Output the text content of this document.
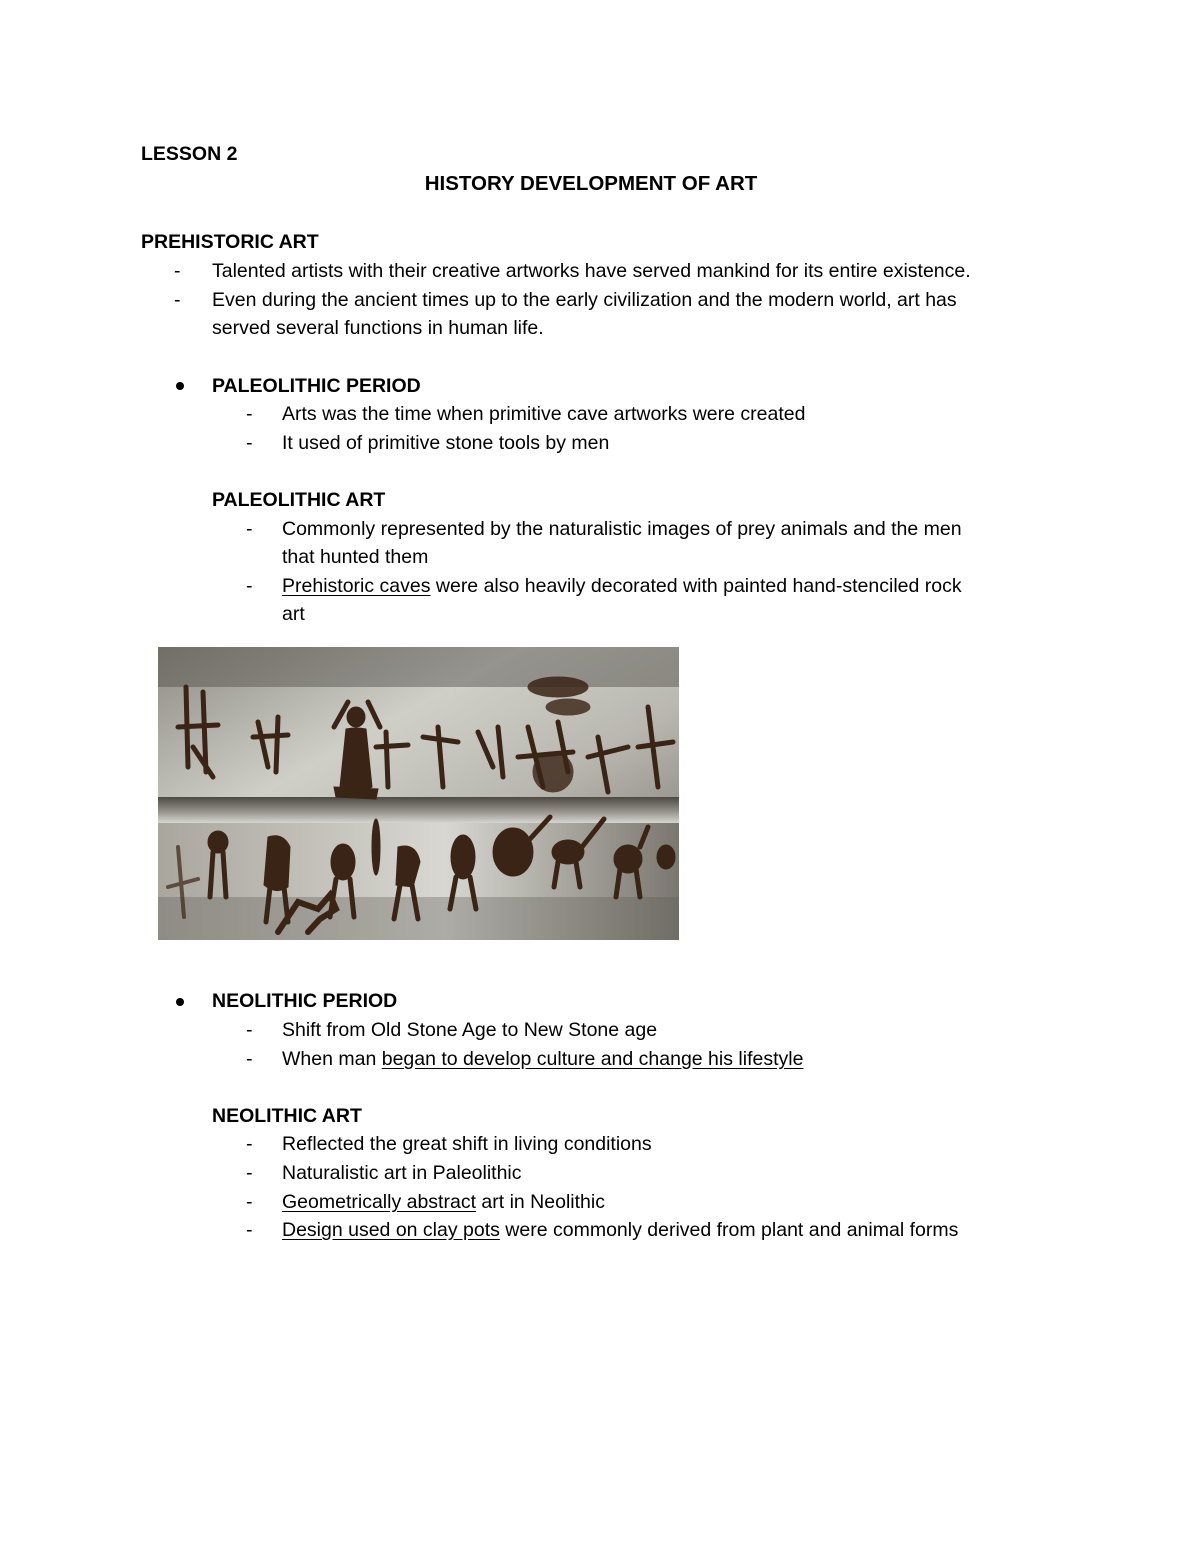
LESSON 2
HISTORY DEVELOPMENT OF ART
PREHISTORIC ART
- Talented artists with their creative artworks have served mankind for its entire existence.
- Even during the ancient times up to the early civilization and the modern world, art has
served several functions in human life.
PALEOLITHIC PERIOD
- Arts was the time when primitive cave artworks were created
- It used of primitive stone tools by men
PALEOLITHIC ART
- Commonly represented by the naturalistic images of prey animals and the men
that hunted them
- Prehistoric caves were also heavily decorated with painted hand-stenciled rock
art
NEOLITHIC PERIOD
- Shift from Old Stone Age to New Stone age
- When man began to develop culture and change his lifestyle
NEOLITHIC ART
- Reflected the great shift in living conditions
- Naturalistic art in Paleolithic
- Geometrically abstract art in Neolithic
- Design used on clay pots were commonly derived from plant and animal forms
